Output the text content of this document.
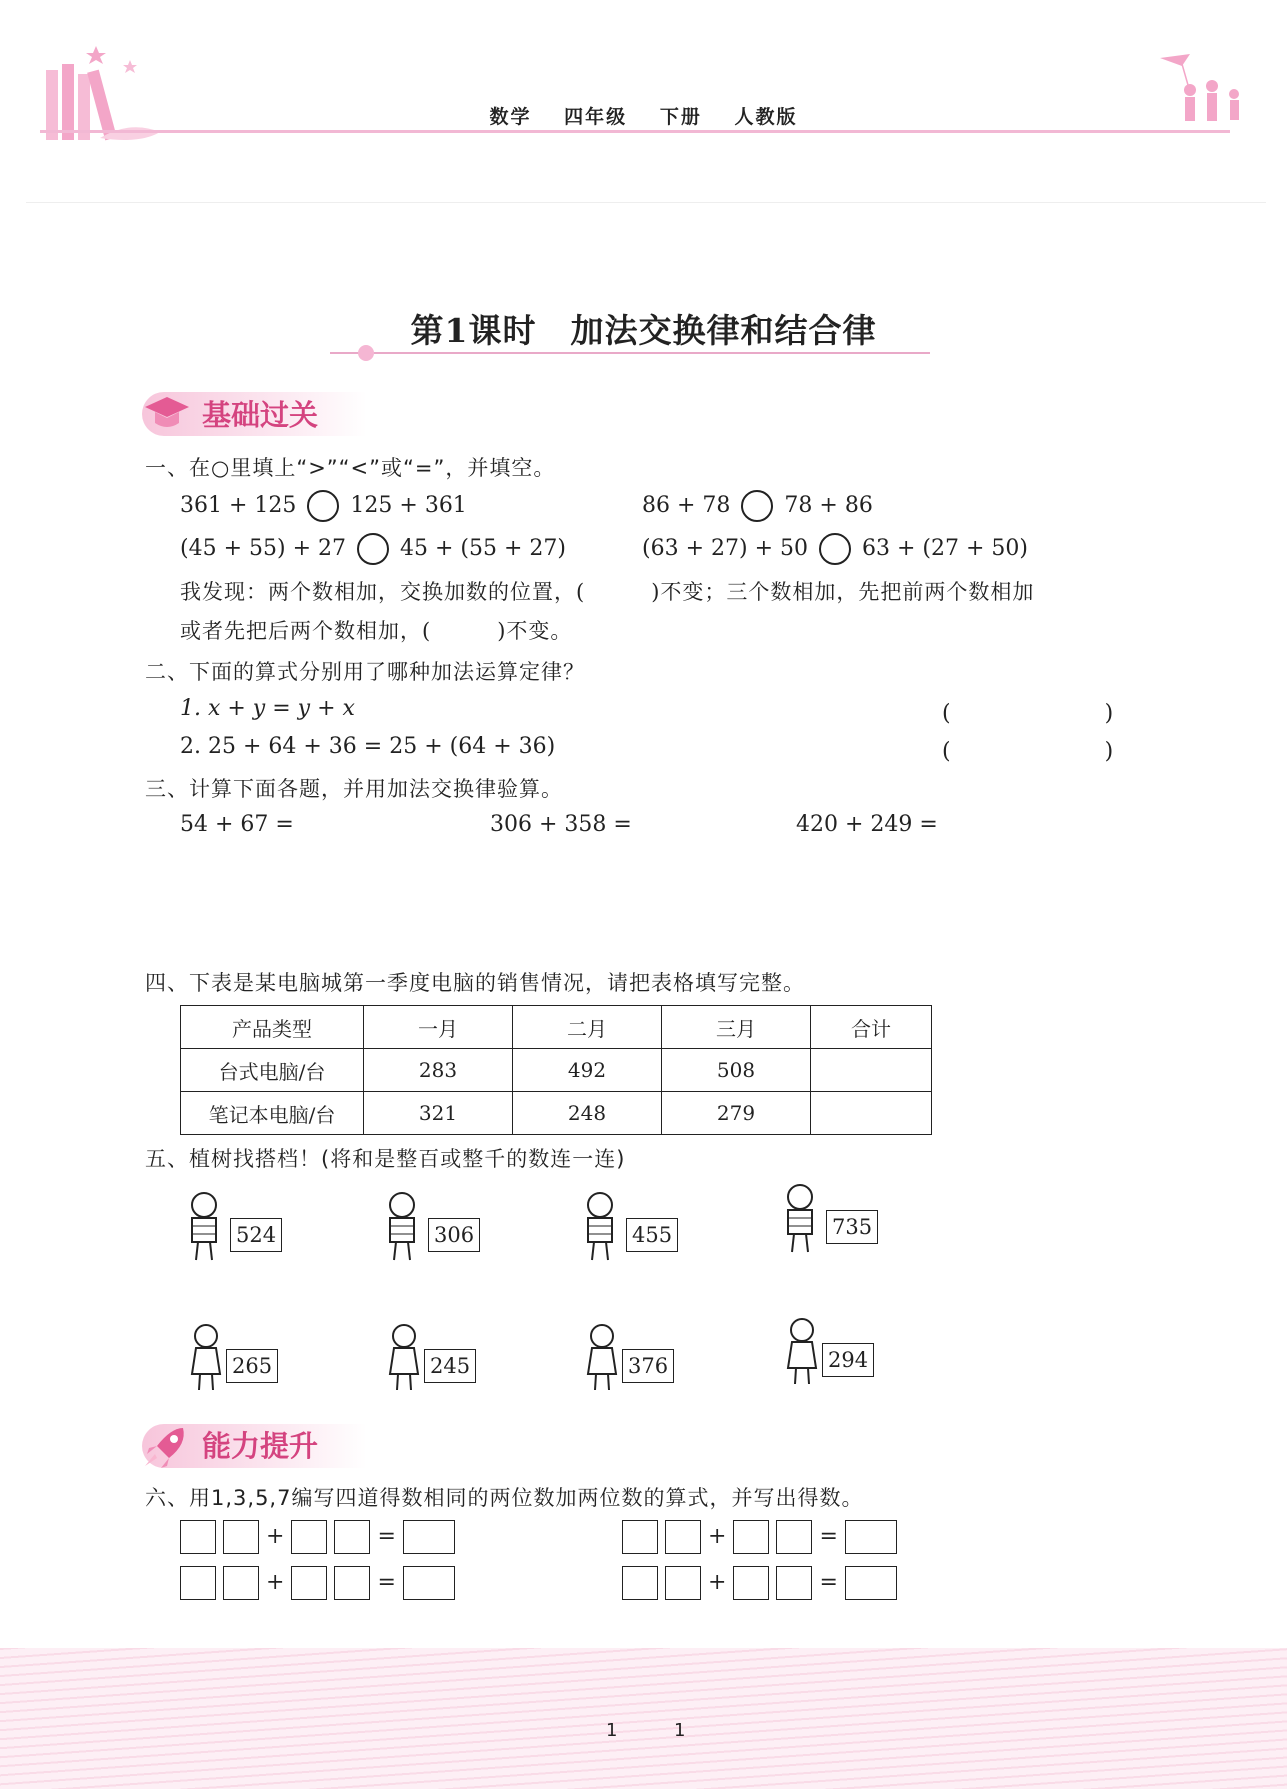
数学 四年级 下册 人教版
第1课时　加法交换律和结合律
基础过关
一、在○里填上“>”“<”或“=”，并填空。
361 + 125 125 + 361	86 + 78 78 + 86
(45 + 55) + 27 45 + (55 + 27)	(63 + 27) + 50 63 + (27 + 50)
我发现：两个数相加，交换加数的位置，(　　　)不变；三个数相加，先把前两个数相加
或者先把后两个数相加，(　　　)不变。
二、下面的算式分别用了哪种加法运算定律？
1. x + y = y + x	(　　　　　　　)
2. 25 + 64 + 36 = 25 + (64 + 36)	(　　　　　　　)
三、计算下面各题，并用加法交换律验算。
54 + 67 =	306 + 358 =	420 + 249 =
四、下表是某电脑城第一季度电脑的销售情况，请把表格填写完整。
产品类型	一月	二月	三月	合计
台式电脑/台	283	492	508	
笔记本电脑/台	321	248	279	
五、植树找搭档！(将和是整百或整千的数连一连)
524	306	455	735
265	245	376	294
能力提升
六、用1,3,5,7编写四道得数相同的两位数加两位数的算式，并写出得数。
+	=	+	=
+	=	+	=
1	1
